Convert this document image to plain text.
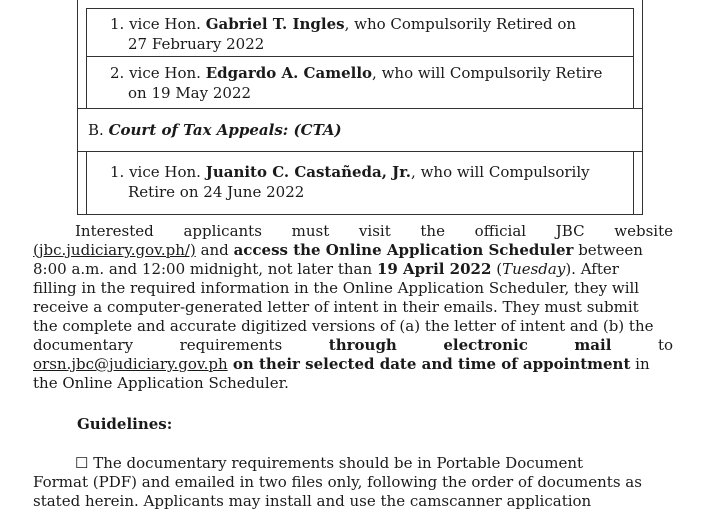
1. vice Hon. Gabriel T. Ingles, who Compulsorily Retired on
27 February 2022
2. vice Hon. Edgardo A. Camello, who will Compulsorily Retire
on 19 May 2022
B. Court of Tax Appeals: (CTA)
1. vice Hon. Juanito C. Castañeda, Jr., who will Compulsorily
Retire on 24 June 2022
Interested applicants must visit the official JBC website
(jbc.judiciary.gov.ph/) and access the Online Application Scheduler between
8:00 a.m. and 12:00 midnight, not later than 19 April 2022 (Tuesday). After
filling in the required information in the Online Application Scheduler, they will
receive a computer-generated letter of intent in their emails. They must submit
the complete and accurate digitized versions of (a) the letter of intent and (b) the
documentary	requirements	through	electronic	mail	to
orsn.jbc@judiciary.gov.ph on their selected date and time of appointment in
the Online Application Scheduler.
Guidelines:
☐ The documentary requirements should be in Portable Document
Format (PDF) and emailed in two files only, following the order of documents as
stated herein. Applicants may install and use the camscanner application
